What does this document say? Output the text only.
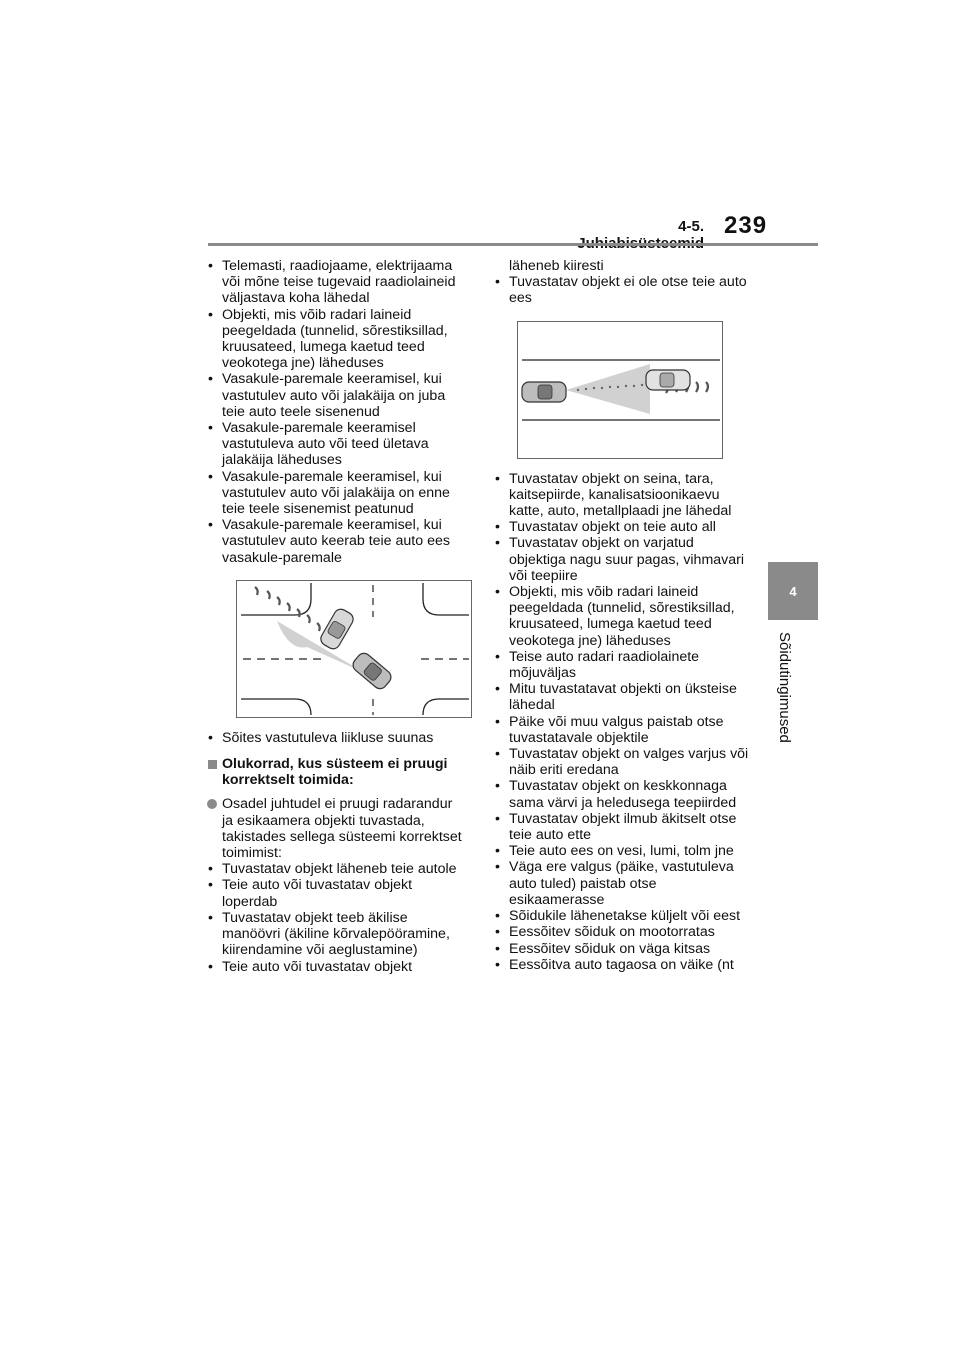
4-5. 239
4
Sõidutingimused
• Telemasti, raadiojaame, elektrijaama
või mõne teise tugevaid raadiolaineid
väljastava koha lähedal
• Objekti, mis võib radari laineid
peegeldada (tunnelid, sõrestiksillad,
kruusateed, lumega kaetud teed
veokotega jne) läheduses
• Vasakule-paremale keeramisel, kui
vastutulev auto või jalakäija on juba
teie auto teele sisenenud
• Vasakule-paremale keeramisel
vastutuleva auto või teed ületava
jalakäija läheduses
• Vasakule-paremale keeramisel, kui
vastutulev auto või jalakäija on enne
teie teele sisenemist peatunud
• Vasakule-paremale keeramisel, kui
vastutulev auto keerab teie auto ees
vasakule-paremale
• Sõites vastutuleva liikluse suunas
Olukorrad, kus süsteem ei pruugi
korrektselt toimida:
Osadel juhtudel ei pruugi radarandur
ja esikaamera objekti tuvastada,
takistades sellega süsteemi korrektset
toimimist:
• Tuvastatav objekt läheneb teie autole
• Teie auto või tuvastatav objekt
loperdab
• Tuvastatav objekt teeb äkilise
manöövri (äkiline kõrvalepööramine,
kiirendamine või aeglustamine)
• Teie auto või tuvastatav objekt
läheneb kiiresti
• Tuvastatav objekt ei ole otse teie auto
ees
• Tuvastatav objekt on seina, tara,
kaitsepiirde, kanalisatsioonikaevu
katte, auto, metallplaadi jne lähedal
• Tuvastatav objekt on teie auto all
• Tuvastatav objekt on varjatud
objektiga nagu suur pagas, vihmavari
või teepiire
• Objekti, mis võib radari laineid
peegeldada (tunnelid, sõrestiksillad,
kruusateed, lumega kaetud teed
veokotega jne) läheduses
• Teise auto radari raadiolainete
mõjuväljas
• Mitu tuvastatavat objekti on üksteise
lähedal
• Päike või muu valgus paistab otse
tuvastatavale objektile
• Tuvastatav objekt on valges varjus või
näib eriti eredana
• Tuvastatav objekt on keskkonnaga
sama värvi ja heledusega teepiirded
• Tuvastatav objekt ilmub äkitselt otse
teie auto ette
• Teie auto ees on vesi, lumi, tolm jne
• Väga ere valgus (päike, vastutuleva
auto tuled) paistab otse
esikaamerasse
• Sõidukile lähenetakse küljelt või eest
• Eessõitev sõiduk on mootorratas
• Eessõitev sõiduk on väga kitsas
• Eessõitva auto tagaosa on väike (nt
